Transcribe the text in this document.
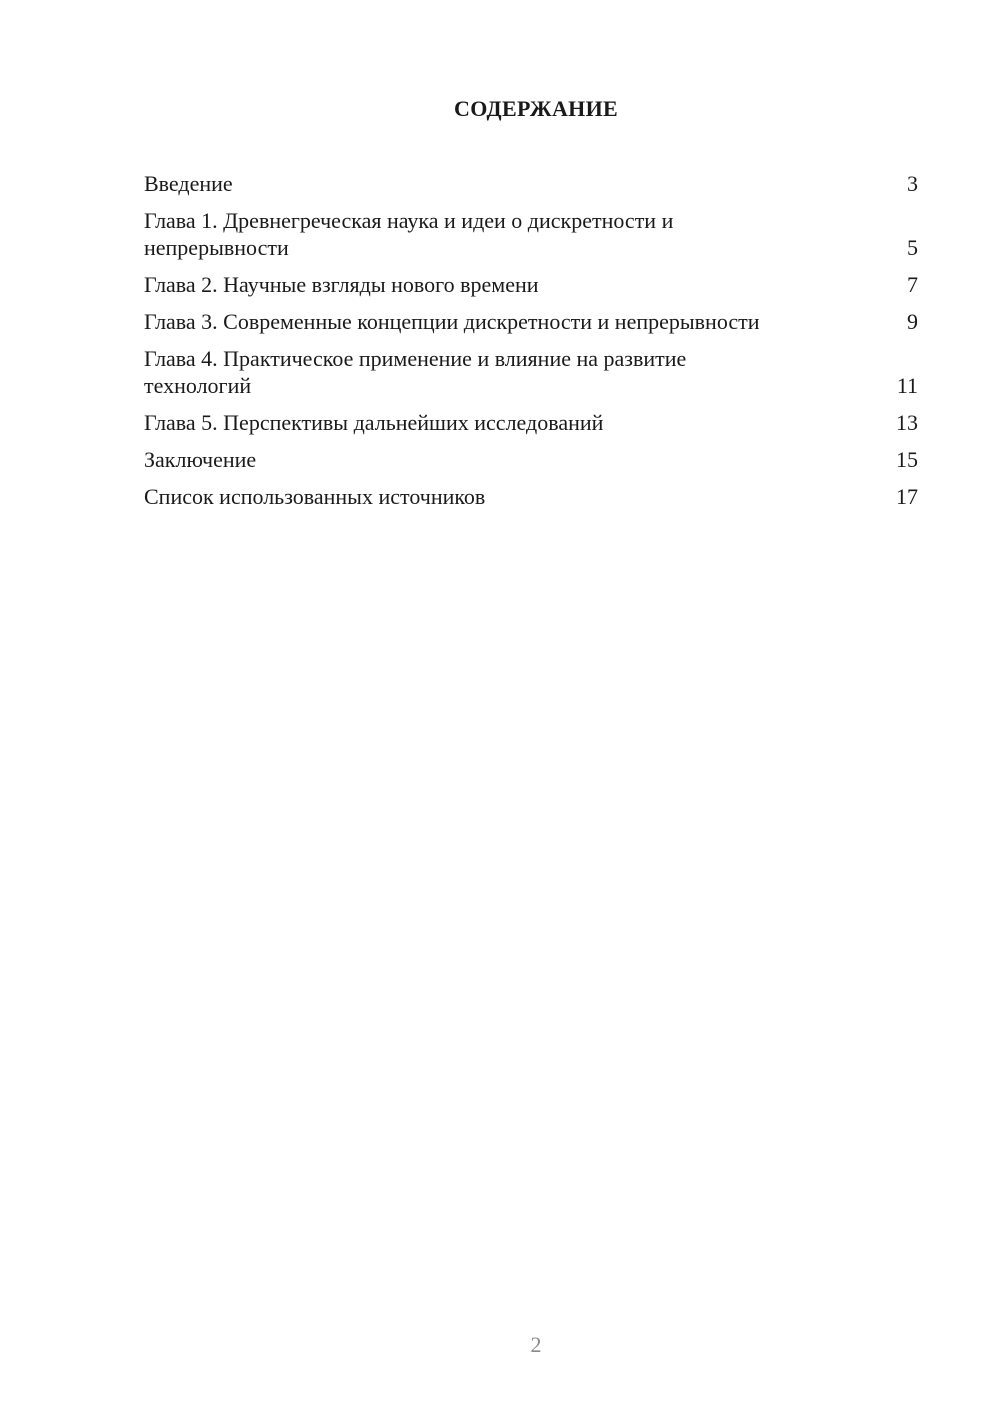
СОДЕРЖАНИЕ
Введение	3
Глава 1. Древнегреческая наука и идеи о дискретности и непрерывности	5
Глава 2. Научные взгляды нового времени	7
Глава 3. Современные концепции дискретности и непрерывности	9
Глава 4. Практическое применение и влияние на развитие технологий	11
Глава 5. Перспективы дальнейших исследований	13
Заключение	15
Список использованных источников	17
2
